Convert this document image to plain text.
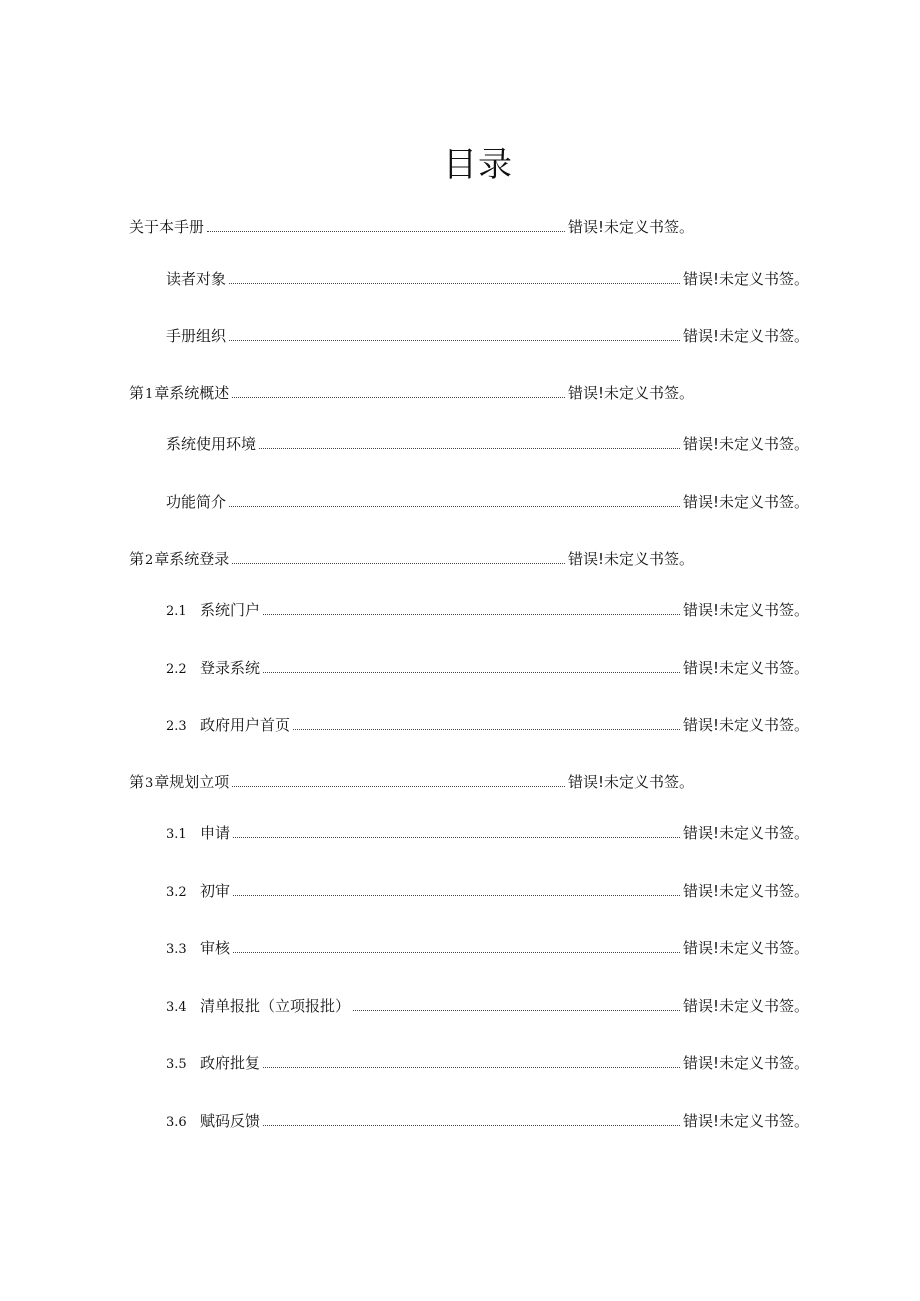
目录
关于本手册	错误!未定义书签。
读者对象	错误!未定义书签。
手册组织	错误!未定义书签。
第1章系统概述	错误!未定义书签。
系统使用环境	错误!未定义书签。
功能简介	错误!未定义书签。
第2章系统登录	错误!未定义书签。
2.1 系统门户	错误!未定义书签。
2.2 登录系统	错误!未定义书签。
2.3 政府用户首页	错误!未定义书签。
第3章规划立项	错误!未定义书签。
3.1 申请	错误!未定义书签。
3.2 初审	错误!未定义书签。
3.3 审核	错误!未定义书签。
3.4 清单报批（立项报批）	错误!未定义书签。
3.5 政府批复	错误!未定义书签。
3.6 赋码反馈	错误!未定义书签。
